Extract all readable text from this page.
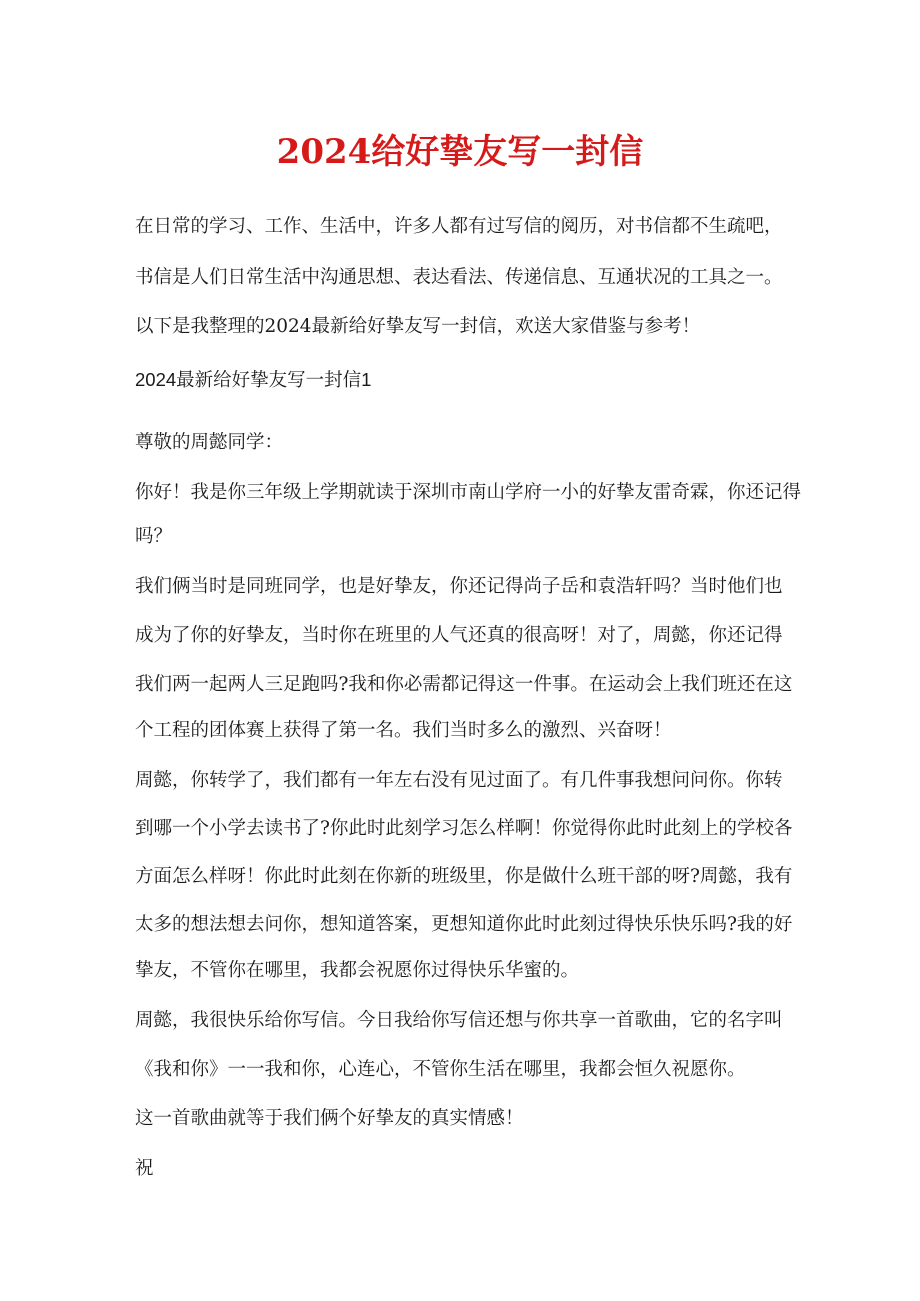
2024给好挚友写一封信

在日常的学习、工作、生活中，许多人都有过写信的阅历，对书信都不生疏吧，

书信是人们日常生活中沟通思想、表达看法、传递信息、互通状况的工具之一。

以下是我整理的2024最新给好挚友写一封信，欢送大家借鉴与参考！

2024最新给好挚友写一封信1

尊敬的周懿同学：

你好！我是你三年级上学期就读于深圳市南山学府一小的好挚友雷奇霖，你还记得

吗？

我们俩当时是同班同学，也是好挚友，你还记得尚子岳和袁浩轩吗？当时他们也

成为了你的好挚友，当时你在班里的人气还真的很高呀！对了，周懿，你还记得

我们两一起两人三足跑吗?我和你必需都记得这一件事。在运动会上我们班还在这

个工程的团体赛上获得了第一名。我们当时多么的激烈、兴奋呀！

周懿，你转学了，我们都有一年左右没有见过面了。有几件事我想问问你。你转

到哪一个小学去读书了?你此时此刻学习怎么样啊！你觉得你此时此刻上的学校各

方面怎么样呀！你此时此刻在你新的班级里，你是做什么班干部的呀?周懿，我有

太多的想法想去问你，想知道答案，更想知道你此时此刻过得快乐快乐吗?我的好

挚友，不管你在哪里，我都会祝愿你过得快乐华蜜的。

周懿，我很快乐给你写信。今日我给你写信还想与你共享一首歌曲，它的名字叫

《我和你》一一我和你，心连心，不管你生活在哪里，我都会恒久祝愿你。

这一首歌曲就等于我们俩个好挚友的真实情感！

祝
